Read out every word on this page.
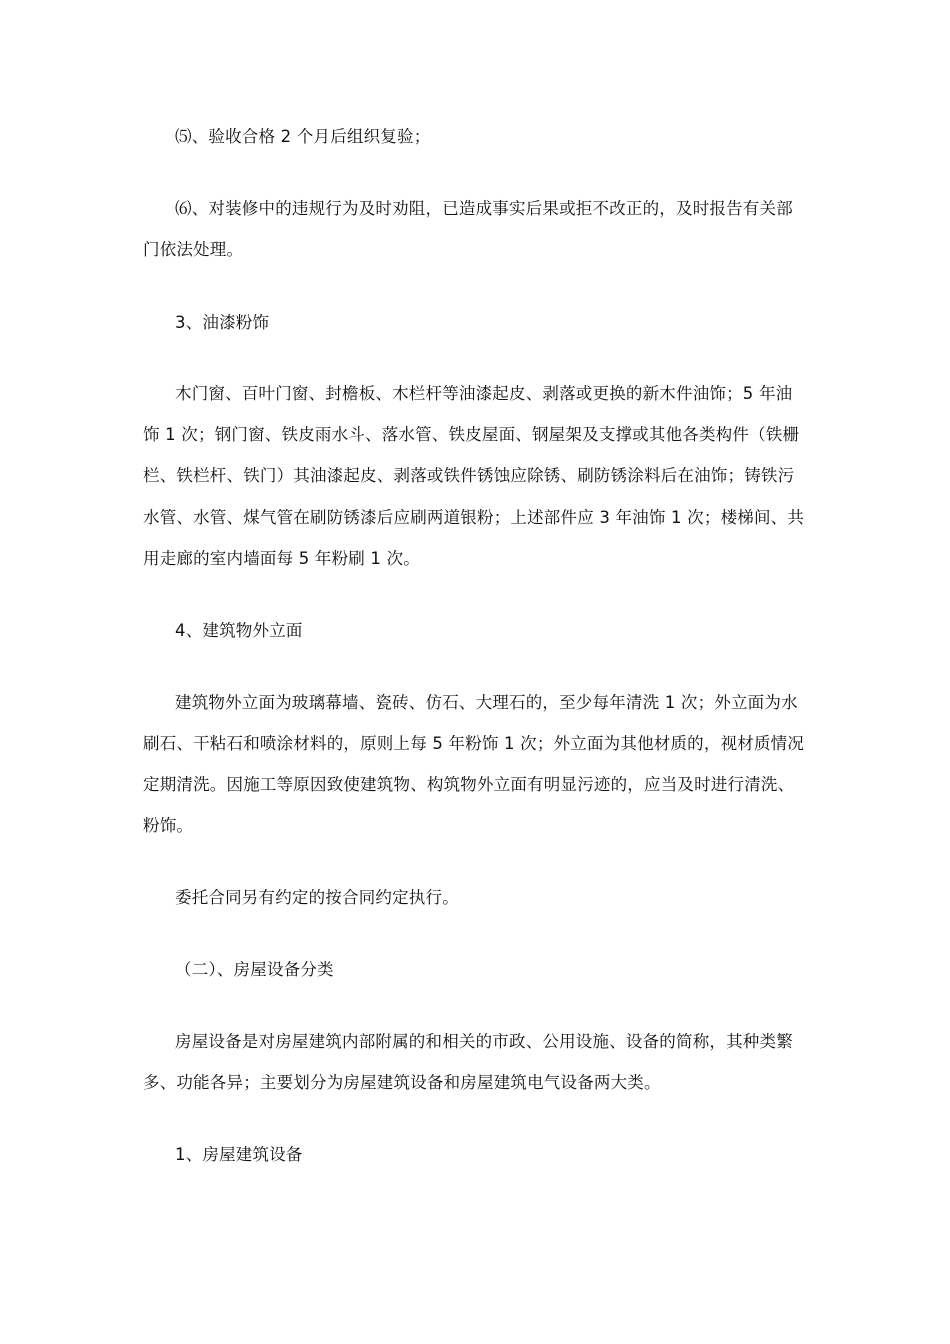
⑸、验收合格 2 个月后组织复验；
⑹、对装修中的违规行为及时劝阻，已造成事实后果或拒不改正的，及时报告有关部
门依法处理。
3、油漆粉饰
木门窗、百叶门窗、封檐板、木栏杆等油漆起皮、剥落或更换的新木件油饰；5 年油
饰 1 次；钢门窗、铁皮雨水斗、落水管、铁皮屋面、钢屋架及支撑或其他各类构件（铁栅
栏、铁栏杆、铁门）其油漆起皮、剥落或铁件锈蚀应除锈、刷防锈涂料后在油饰；铸铁污
水管、水管、煤气管在刷防锈漆后应刷两道银粉；上述部件应 3 年油饰 1 次；楼梯间、共
用走廊的室内墙面每 5 年粉刷 1 次。
4、建筑物外立面
建筑物外立面为玻璃幕墙、瓷砖、仿石、大理石的，至少每年清洗 1 次；外立面为水
刷石、干粘石和喷涂材料的，原则上每 5 年粉饰 1 次；外立面为其他材质的，视材质情况
定期清洗。因施工等原因致使建筑物、构筑物外立面有明显污迹的，应当及时进行清洗、
粉饰。
委托合同另有约定的按合同约定执行。
（二）、房屋设备分类
房屋设备是对房屋建筑内部附属的和相关的市政、公用设施、设备的简称，其种类繁
多、功能各异；主要划分为房屋建筑设备和房屋建筑电气设备两大类。
1、房屋建筑设备
